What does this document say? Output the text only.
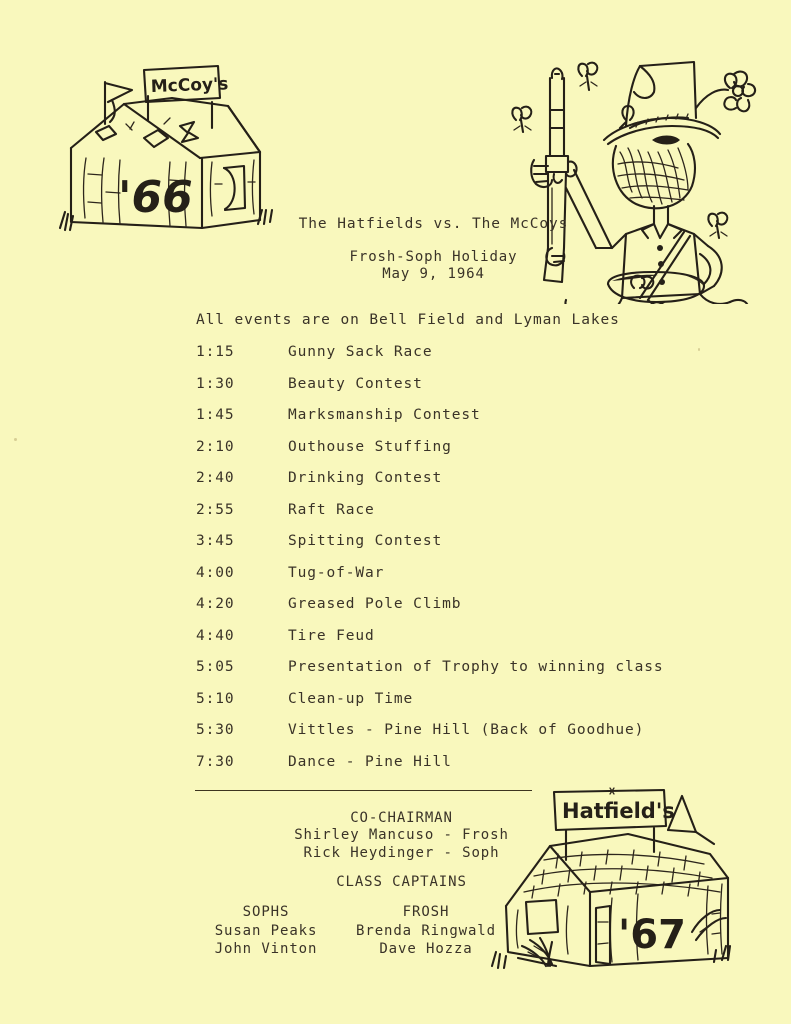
McCoy's
'66
The Hatfields vs. The McCoys
Frosh-Soph Holiday
May 9, 1964
All events are on Bell Field and Lyman Lakes
1:15	Gunny Sack Race
1:30	Beauty Contest
1:45	Marksmanship Contest
2:10	Outhouse Stuffing
2:40	Drinking Contest
2:55	Raft Race
3:45	Spitting Contest
4:00	Tug-of-War
4:20	Greased Pole Climb
4:40	Tire Feud
5:05	Presentation of Trophy to winning class
5:10	Clean-up Time
5:30	Vittles - Pine Hill (Back of Goodhue)
7:30	Dance - Pine Hill
CO-CHAIRMAN
Shirley Mancuso - Frosh
Rick Heydinger - Soph
CLASS CAPTAINS
SOPHS
Susan Peaks
John Vinton
FROSH
Brenda Ringwald
Dave Hozza
Hatfield's
'67
